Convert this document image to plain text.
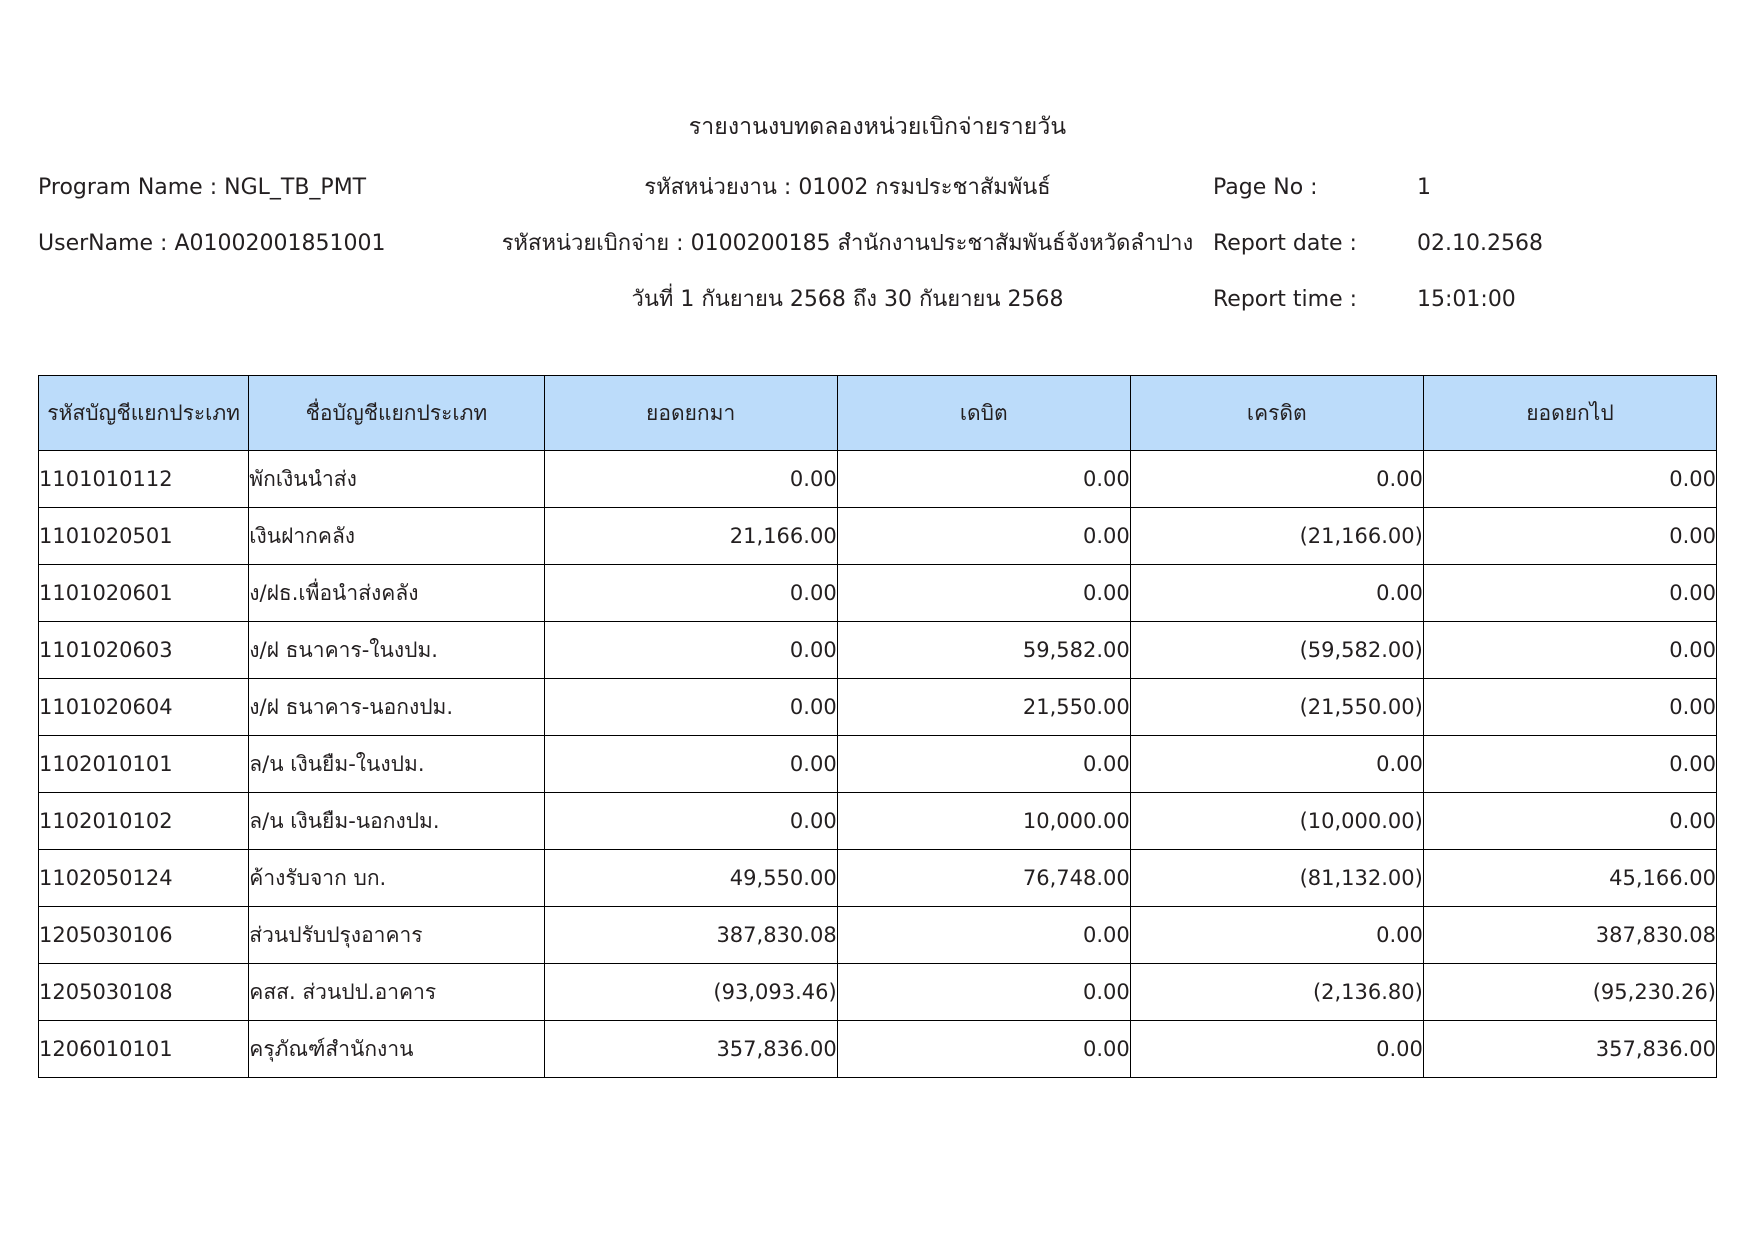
รายงานงบทดลองหน่วยเบิกจ่ายรายวัน
Program Name : NGL_TB_PMT	รหัสหน่วยงาน : 01002 กรมประชาสัมพันธ์	Page No :	1
UserName : A01002001851001	รหัสหน่วยเบิกจ่าย : 0100200185 สำนักงานประชาสัมพันธ์จังหวัดลำปาง Report date :	02.10.2568
วันที่ 1 กันยายน 2568 ถึง 30 กันยายน 2568	Report time :	15:01:00
รหัสบัญชีแยกประเภท	ชื่อบัญชีแยกประเภท	ยอดยกมา	เดบิต	เครดิต	ยอดยกไป
1101010112	พักเงินนำส่ง	0.00	0.00	0.00	0.00
1101020501	เงินฝากคลัง	21,166.00	0.00	(21,166.00)	0.00
1101020601	ง/ฝธ.เพื่อนำส่งคลัง	0.00	0.00	0.00	0.00
1101020603	ง/ฝ ธนาคาร-ในงปม.	0.00	59,582.00	(59,582.00)	0.00
1101020604	ง/ฝ ธนาคาร-นอกงปม.	0.00	21,550.00	(21,550.00)	0.00
1102010101	ล/น เงินยืม-ในงปม.	0.00	0.00	0.00	0.00
1102010102	ล/น เงินยืม-นอกงปม.	0.00	10,000.00	(10,000.00)	0.00
1102050124	ค้างรับจาก บก.	49,550.00	76,748.00	(81,132.00)	45,166.00
1205030106	ส่วนปรับปรุงอาคาร	387,830.08	0.00	0.00	387,830.08
1205030108	คสส. ส่วนปป.อาคาร	(93,093.46)	0.00	(2,136.80)	(95,230.26)
1206010101	ครุภัณฑ์สำนักงาน	357,836.00	0.00	0.00	357,836.00
